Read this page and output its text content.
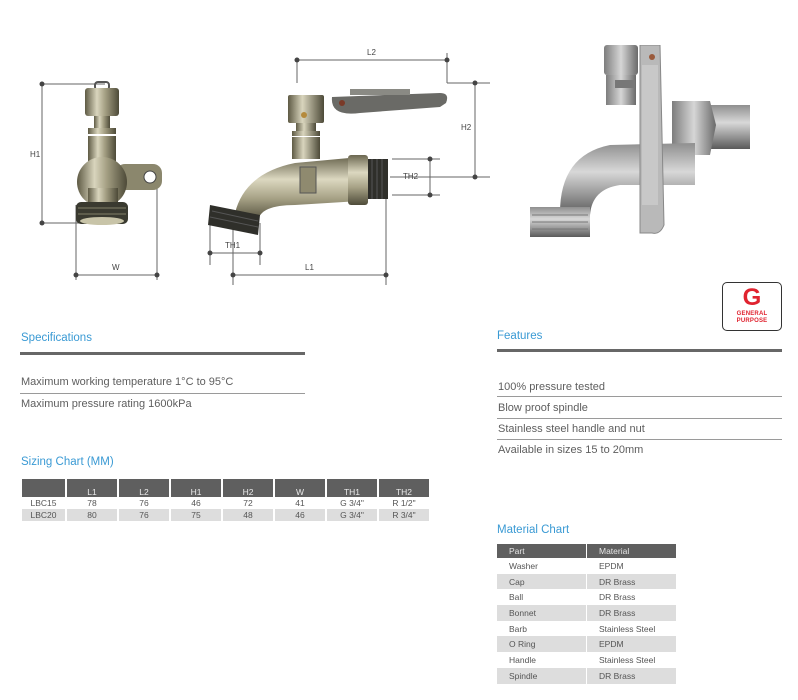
H1
W
L2
H2
TH2
TH1
L1
G
GENERAL
PURPOSE
Specifications
Maximum working temperature 1°C to 95°C
Maximum pressure rating 1600kPa
Features
100% pressure tested
Blow proof spindle
Stainless steel handle and nut
Available in sizes 15 to 20mm
Sizing Chart (MM)
	L1	L2	H1	H2	W	TH1	TH2
LBC15	78	76	46	72	41	G 3/4"	R 1/2"
LBC20	80	76	75	48	46	G 3/4"	R 3/4"
Material Chart
Part	Material
Washer	EPDM
Cap	DR Brass
Ball	DR Brass
Bonnet	DR Brass
Barb	Stainless Steel
O Ring	EPDM
Handle	Stainless Steel
Spindle	DR Brass
